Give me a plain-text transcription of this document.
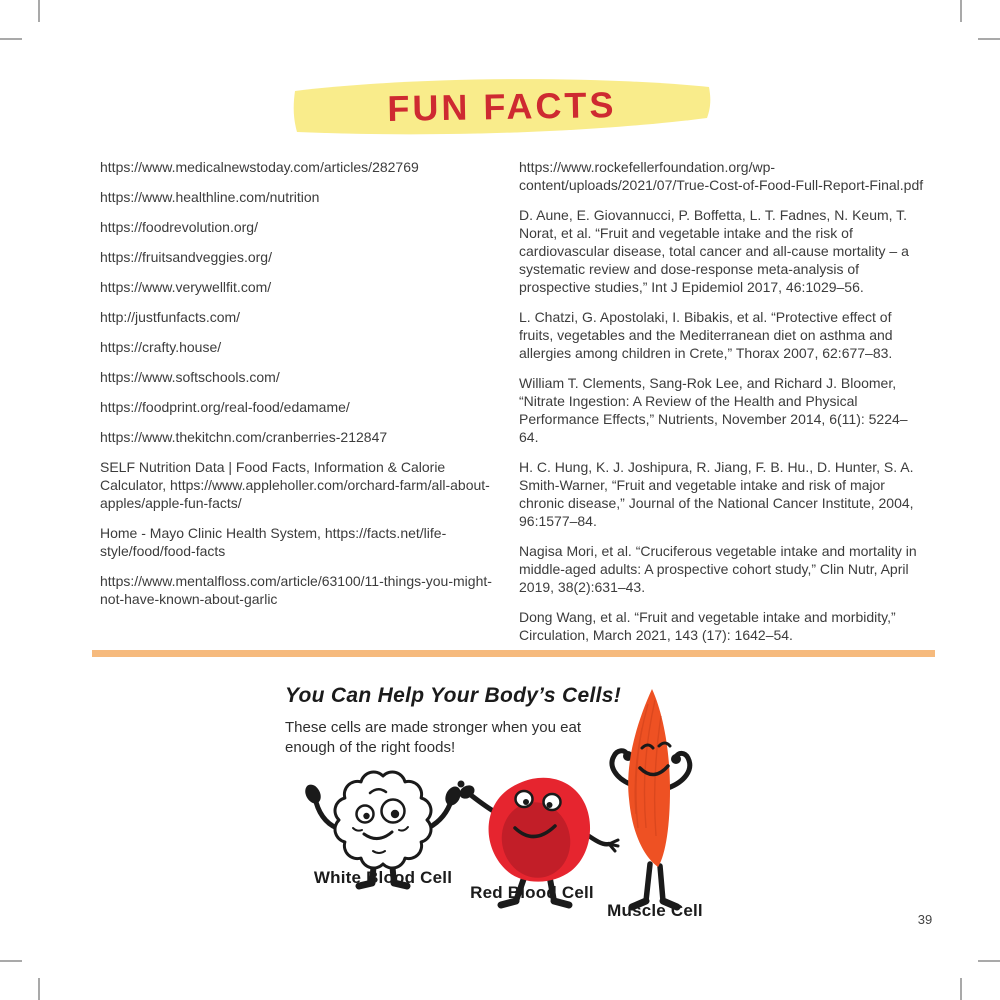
FUN FACTS

https://www.medicalnewstoday.com/articles/282769

https://www.healthline.com/nutrition

https://foodrevolution.org/

https://fruitsandveggies.org/

https://www.verywellfit.com/

http://justfunfacts.com/

https://crafty.house/

https://www.softschools.com/

https://foodprint.org/real-food/edamame/

https://www.thekitchn.com/cranberries-212847

SELF Nutrition Data | Food Facts, Information & Calorie Calculator, https://www.appleholler.com/orchard-farm/all-about-apples/apple-fun-facts/

Home - Mayo Clinic Health System, https://facts.net/life-style/food/food-facts

https://www.mentalfloss.com/article/63100/11-things-you-might-not-have-known-about-garlic

https://www.rockefellerfoundation.org/wp-content/uploads/2021/07/True-Cost-of-Food-Full-Report-Final.pdf

D. Aune, E. Giovannucci, P. Boffetta, L. T. Fadnes, N. Keum, T. Norat, et al. “Fruit and vegetable intake and the risk of cardiovascular disease, total cancer and all-cause mortality – a systematic review and dose-response meta-analysis of prospective studies,” Int J Epidemiol 2017, 46:1029–56.

L. Chatzi, G. Apostolaki, I. Bibakis, et al. “Protective effect of fruits, vegetables and the Mediterranean diet on asthma and allergies among children in Crete,” Thorax 2007, 62:677–83.

William T. Clements, Sang-Rok Lee, and Richard J. Bloomer, “Nitrate Ingestion: A Review of the Health and Physical Performance Effects,” Nutrients, November 2014, 6(11): 5224–64.

H. C. Hung, K. J. Joshipura, R. Jiang, F. B. Hu., D. Hunter, S. A. Smith-Warner, “Fruit and vegetable intake and risk of major chronic disease,” Journal of the National Cancer Institute, 2004, 96:1577–84.

Nagisa Mori, et al. “Cruciferous vegetable intake and mortality in middle-aged adults: A prospective cohort study,” Clin Nutr, April 2019, 38(2):631–43.

Dong Wang, et al. “Fruit and vegetable intake and morbidity,” Circulation, March 2021, 143 (17): 1642–54.

You Can Help Your Body’s Cells!
These cells are made stronger when you eat enough of the right foods!
White Blood Cell
Red Blood Cell
Muscle Cell	39
